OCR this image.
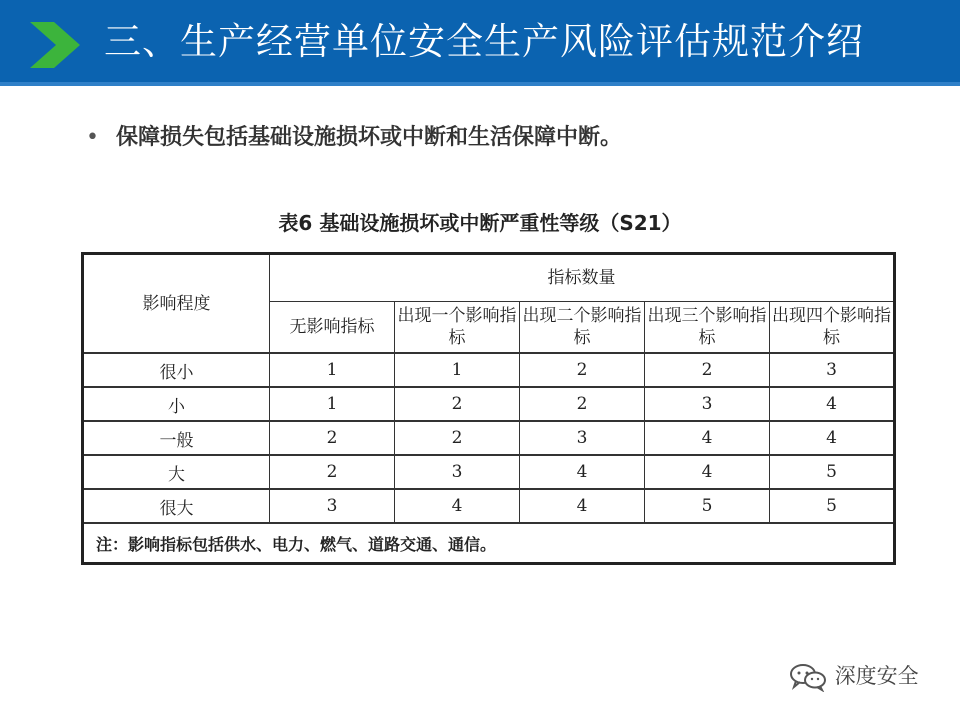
三、生产经营单位安全生产风险评估规范介绍
• 保障损失包括基础设施损坏或中断和生活保障中断。
表6 基础设施损坏或中断严重性等级（S21）
影响程度	指标数量				
	无影响指标	出现一个影响指标	出现二个影响指标	出现三个影响指标	出现四个影响指标
很小	1	1	2	2	3
小	1	2	2	3	4
一般	2	2	3	4	4
大	2	3	4	4	5
很大	3	4	4	5	5
注：影响指标包括供水、电力、燃气、道路交通、通信。					
深度安全
